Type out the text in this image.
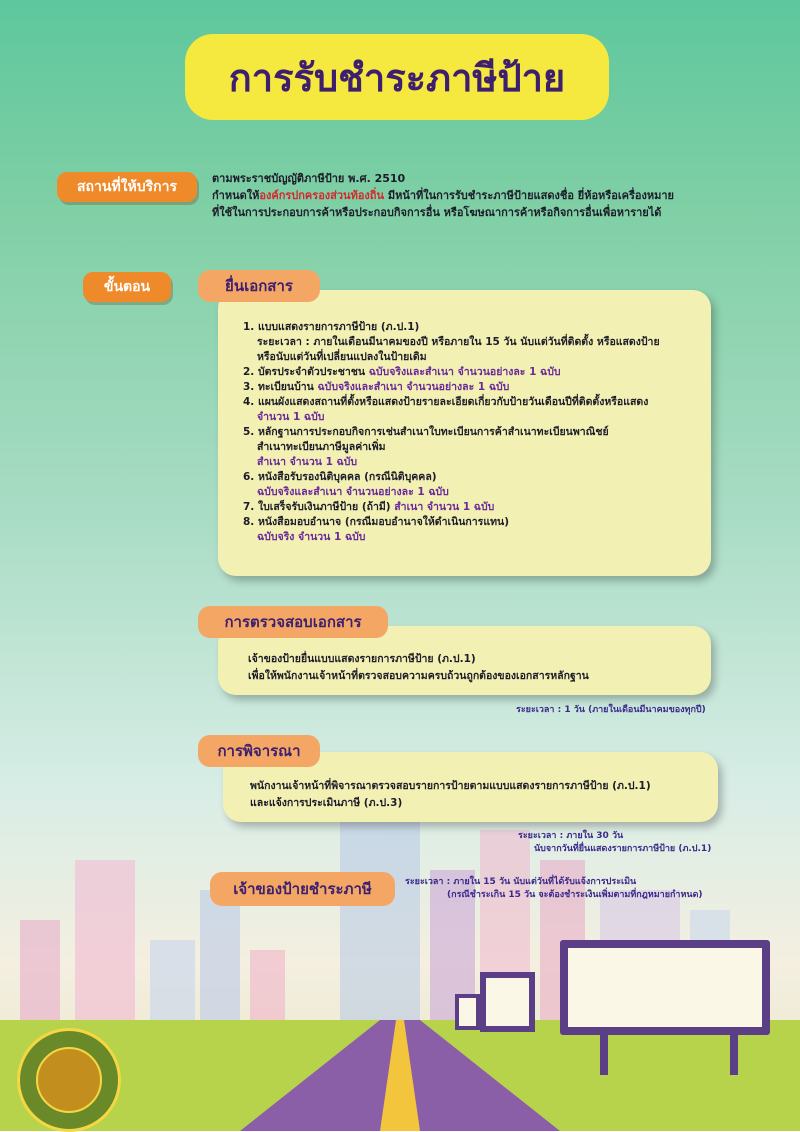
การรับชำระภาษีป้าย
สถานที่ให้บริการ
ตามพระราชบัญญัติภาษีป้าย พ.ศ. 2510
กำหนดให้องค์กรปกครองส่วนท้องถิ่น มีหน้าที่ในการรับชำระภาษีป้ายแสดงชื่อ ยี่ห้อหรือเครื่องหมาย
ที่ใช้ในการประกอบการค้าหรือประกอบกิจการอื่น หรือโฆษณาการค้าหรือกิจการอื่นเพื่อหารายได้
ขั้นตอน	ยื่นเอกสาร
1. แบบแสดงรายการภาษีป้าย (ภ.ป.1)
ระยะเวลา : ภายในเดือนมีนาคมของปี หรือภายใน 15 วัน นับแต่วันที่ติดตั้ง หรือแสดงป้าย
หรือนับแต่วันที่เปลี่ยนแปลงในป้ายเดิม
2. บัตรประจำตัวประชาชน ฉบับจริงและสำเนา จำนวนอย่างละ 1 ฉบับ
3. ทะเบียนบ้าน ฉบับจริงและสำเนา จำนวนอย่างละ 1 ฉบับ
4. แผนผังแสดงสถานที่ตั้งหรือแสดงป้ายรายละเอียดเกี่ยวกับป้ายวันเดือนปีที่ติดตั้งหรือแสดง
จำนวน 1 ฉบับ
5. หลักฐานการประกอบกิจการเช่นสำเนาใบทะเบียนการค้าสำเนาทะเบียนพาณิชย์
สำเนาทะเบียนภาษีมูลค่าเพิ่ม
สำเนา จำนวน 1 ฉบับ
6. หนังสือรับรองนิติบุคคล (กรณีนิติบุคคล)
ฉบับจริงและสำเนา จำนวนอย่างละ 1 ฉบับ
7. ใบเสร็จรับเงินภาษีป้าย (ถ้ามี) สำเนา จำนวน 1 ฉบับ
8. หนังสือมอบอำนาจ (กรณีมอบอำนาจให้ดำเนินการแทน)
ฉบับจริง จำนวน 1 ฉบับ
การตรวจสอบเอกสาร
เจ้าของป้ายยื่นแบบแสดงรายการภาษีป้าย (ภ.ป.1)
เพื่อให้พนักงานเจ้าหน้าที่ตรวจสอบความครบถ้วนถูกต้องของเอกสารหลักฐาน
ระยะเวลา : 1 วัน (ภายในเดือนมีนาคมของทุกปี)
การพิจารณา
พนักงานเจ้าหน้าที่พิจารณาตรวจสอบรายการป้ายตามแบบแสดงรายการภาษีป้าย (ภ.ป.1)
และแจ้งการประเมินภาษี (ภ.ป.3)
ระยะเวลา : ภายใน 30 วัน
นับจากวันที่ยื่นแสดงรายการภาษีป้าย (ภ.ป.1)
เจ้าของป้ายชำระภาษี	ระยะเวลา : ภายใน 15 วัน นับแต่วันที่ได้รับแจ้งการประเมิน
(กรณีชำระเกิน 15 วัน จะต้องชำระเงินเพิ่มตามที่กฎหมายกำหนด)
